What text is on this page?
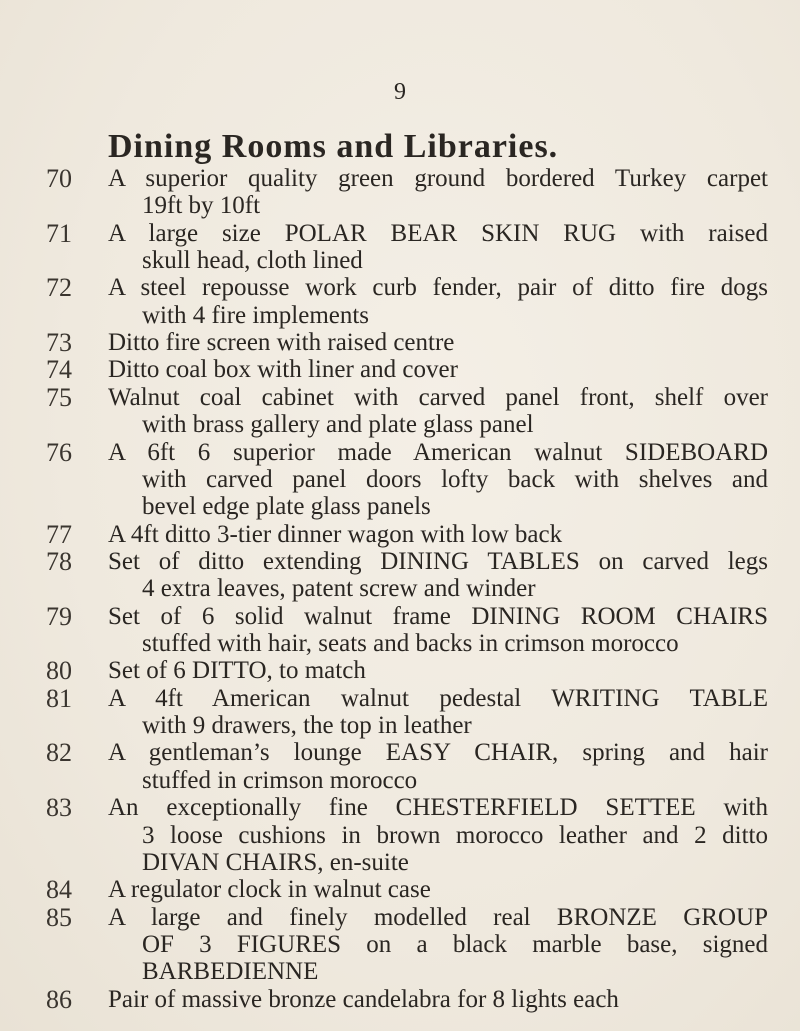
9
Dining Rooms and Libraries.
70 A superior quality green ground bordered Turkey carpet
19ft by 10ft
71 A large size POLAR BEAR SKIN RUG with raised
skull head, cloth lined
72 A steel repousse work curb fender, pair of ditto fire dogs
with 4 fire implements
73 Ditto fire screen with raised centre
74 Ditto coal box with liner and cover
75 Walnut coal cabinet with carved panel front, shelf over
with brass gallery and plate glass panel
76 A 6ft 6 superior made American walnut SIDEBOARD
with carved panel doors lofty back with shelves and
bevel edge plate glass panels
77 A 4ft ditto 3-tier dinner wagon with low back
78 Set of ditto extending DINING TABLES on carved legs
4 extra leaves, patent screw and winder
79 Set of 6 solid walnut frame DINING ROOM CHAIRS
stuffed with hair, seats and backs in crimson morocco
80 Set of 6 DITTO, to match
81 A 4ft American walnut pedestal WRITING TABLE
with 9 drawers, the top in leather
82 A gentleman’s lounge EASY CHAIR, spring and hair
stuffed in crimson morocco
83 An exceptionally fine CHESTERFIELD SETTEE with
3 loose cushions in brown morocco leather and 2 ditto
DIVAN CHAIRS, en-suite
84 A regulator clock in walnut case
85 A large and finely modelled real BRONZE GROUP
OF 3 FIGURES on a black marble base, signed
BARBEDIENNE
86 Pair of massive bronze candelabra for 8 lights each
